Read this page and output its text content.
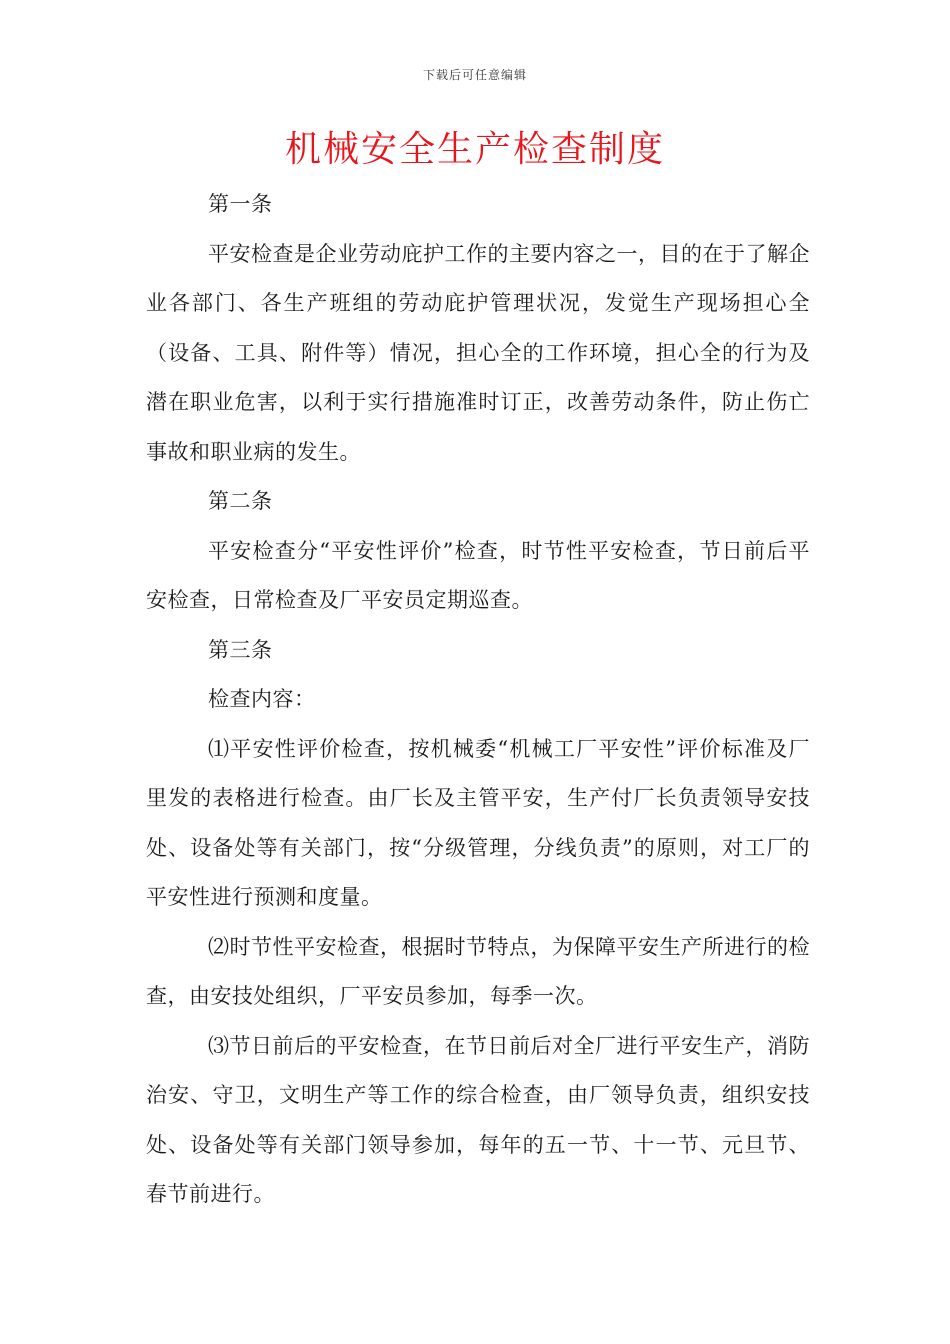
下载后可任意编辑
机械安全生产检查制度

第一条

平安检查是企业劳动庇护工作的主要内容之一，目的在于了解企业各部门、各生产班组的劳动庇护管理状况，发觉生产现场担心全（设备、工具、附件等）情况，担心全的工作环境，担心全的行为及潜在职业危害，以利于实行措施准时订正，改善劳动条件，防止伤亡事故和职业病的发生。

第二条

平安检查分“平安性评价”检查，时节性平安检查，节日前后平安检查，日常检查及厂平安员定期巡查。

第三条

检查内容：

⑴平安性评价检查，按机械委“机械工厂平安性”评价标准及厂里发的表格进行检查。由厂长及主管平安，生产付厂长负责领导安技处、设备处等有关部门，按“分级管理，分线负责”的原则，对工厂的平安性进行预测和度量。

⑵时节性平安检查，根据时节特点，为保障平安生产所进行的检查，由安技处组织，厂平安员参加，每季一次。

⑶节日前后的平安检查，在节日前后对全厂进行平安生产，消防治安、守卫，文明生产等工作的综合检查，由厂领导负责，组织安技处、设备处等有关部门领导参加，每年的五一节、十一节、元旦节、春节前进行。
